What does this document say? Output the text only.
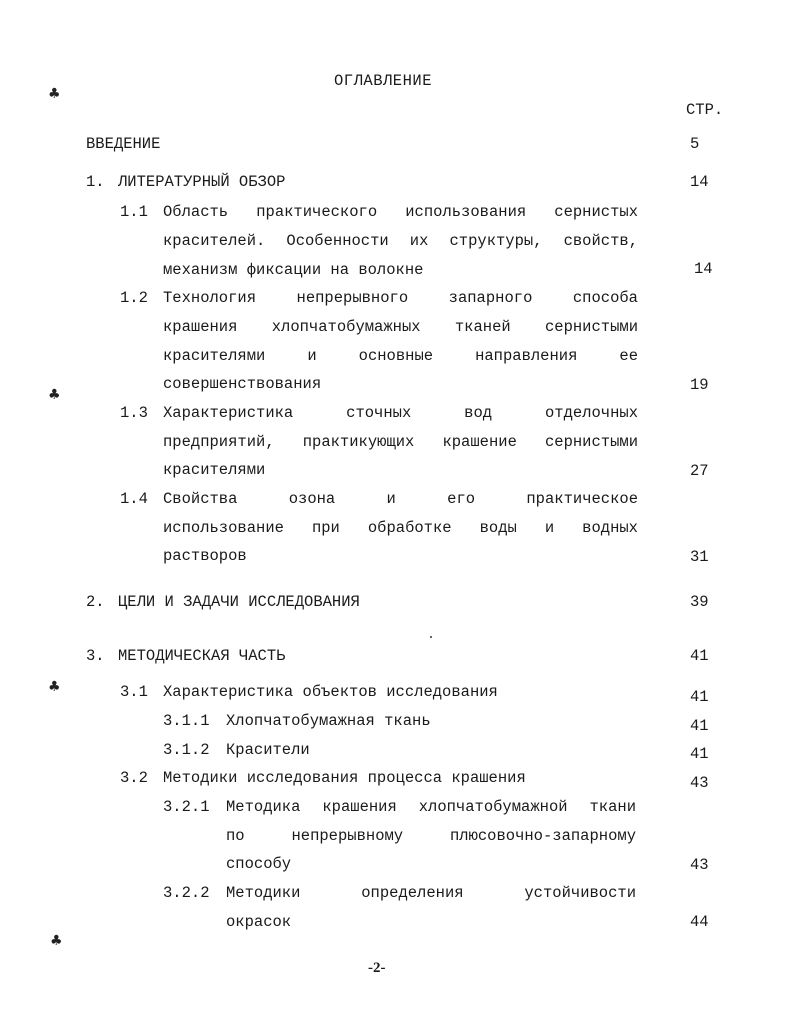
ОГЛАВЛЕНИЕ
СТР.
ВВЕДЕНИЕ	5
1. ЛИТЕРАТУРНЫЙ ОБЗОР	14
1.1 Область практического использования сернистых
красителей. Особенности их структуры, свойств,
механизм фиксации на волокне	14
1.2 Технология непрерывного запарного способа
крашения хлопчатобумажных тканей сернистыми
красителями и основные направления ее
совершенствования	19
1.3 Характеристика сточных вод отделочных
предприятий, практикующих крашение сернистыми
красителями	27
1.4 Свойства озона и его практическое
использование при обработке воды и водных
растворов	31
2. ЦЕЛИ И ЗАДАЧИ ИССЛЕДОВАНИЯ	39
3. МЕТОДИЧЕСКАЯ ЧАСТЬ	41
3.1 Характеристика объектов исследования	41
3.1.1 Хлопчатобумажная ткань	41
3.1.2 Красители	41
3.2 Методики исследования процесса крашения	43
3.2.1 Методика крашения хлопчатобумажной ткани
по непрерывному плюсовочно-запарному
способу	43
3.2.2 Методики определения устойчивости
окрасок	44
♣
♣
♣
♣
-2-
